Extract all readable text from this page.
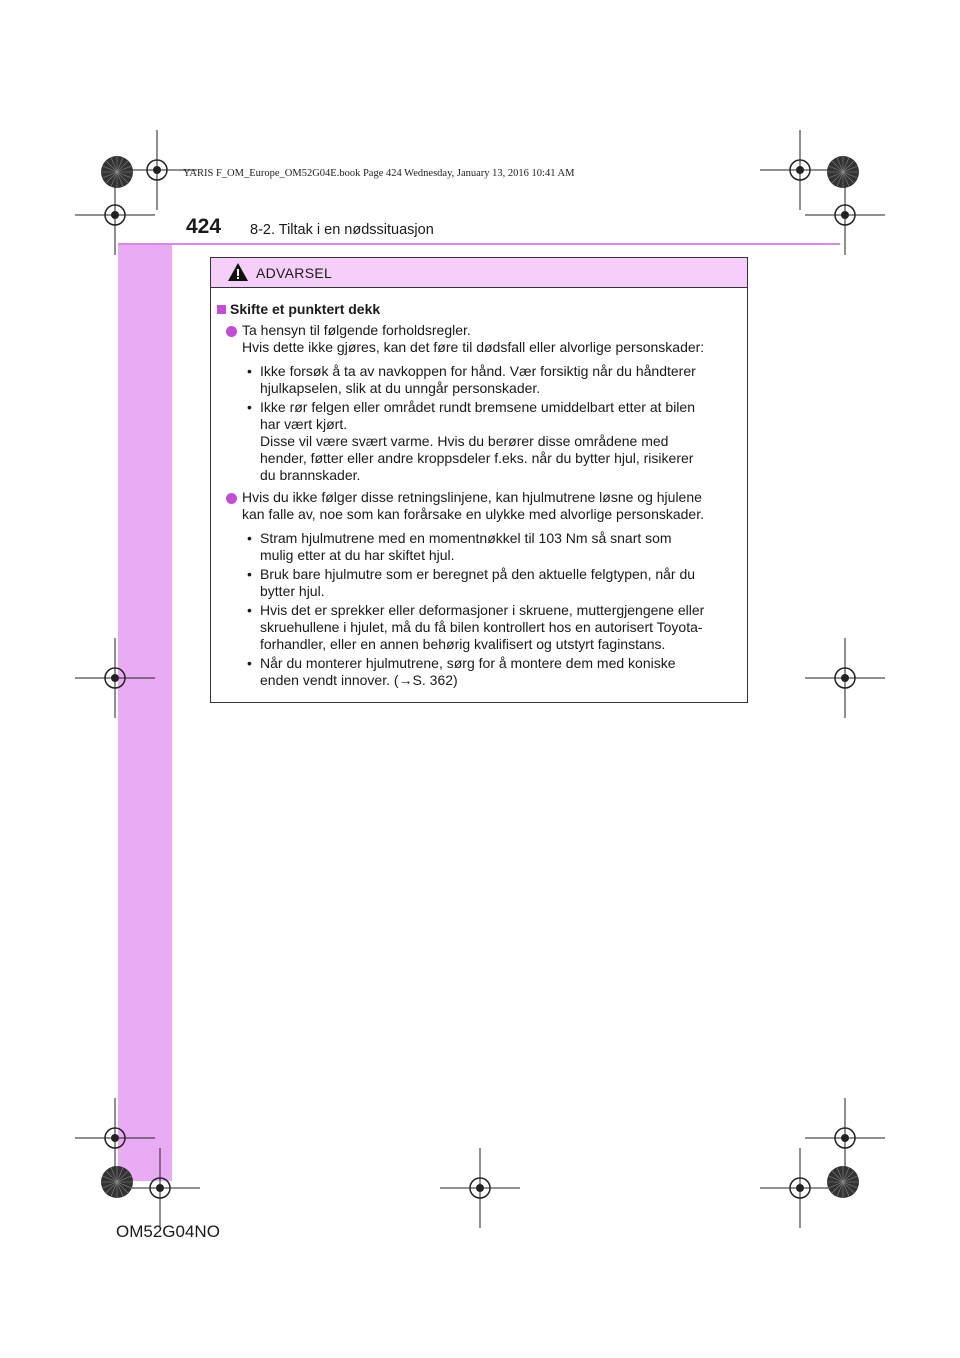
YARIS F_OM_Europe_OM52G04E.book Page 424 Wednesday, January 13, 2016 10:41 AM
424 8-2. Tiltak i en nødssituasjon
ADVARSEL
Skifte et punktert dekk
Ta hensyn til følgende forholdsregler.
Hvis dette ikke gjøres, kan det føre til dødsfall eller alvorlige personskader:
• Ikke forsøk å ta av navkoppen for hånd. Vær forsiktig når du håndterer
hjulkapselen, slik at du unngår personskader.
• Ikke rør felgen eller området rundt bremsene umiddelbart etter at bilen
har vært kjørt.
Disse vil være svært varme. Hvis du berører disse områdene med
hender, føtter eller andre kroppsdeler f.eks. når du bytter hjul, risikerer
du brannskader.
Hvis du ikke følger disse retningslinjene, kan hjulmutrene løsne og hjulene
kan falle av, noe som kan forårsake en ulykke med alvorlige personskader.
• Stram hjulmutrene med en momentnøkkel til 103 Nm så snart som
mulig etter at du har skiftet hjul.
• Bruk bare hjulmutre som er beregnet på den aktuelle felgtypen, når du
bytter hjul.
• Hvis det er sprekker eller deformasjoner i skruene, muttergjengene eller
skruehullene i hjulet, må du få bilen kontrollert hos en autorisert Toyota-
forhandler, eller en annen behørig kvalifisert og utstyrt faginstans.
• Når du monterer hjulmutrene, sørg for å montere dem med koniske
enden vendt innover. (→S. 362)
OM52G04NO
